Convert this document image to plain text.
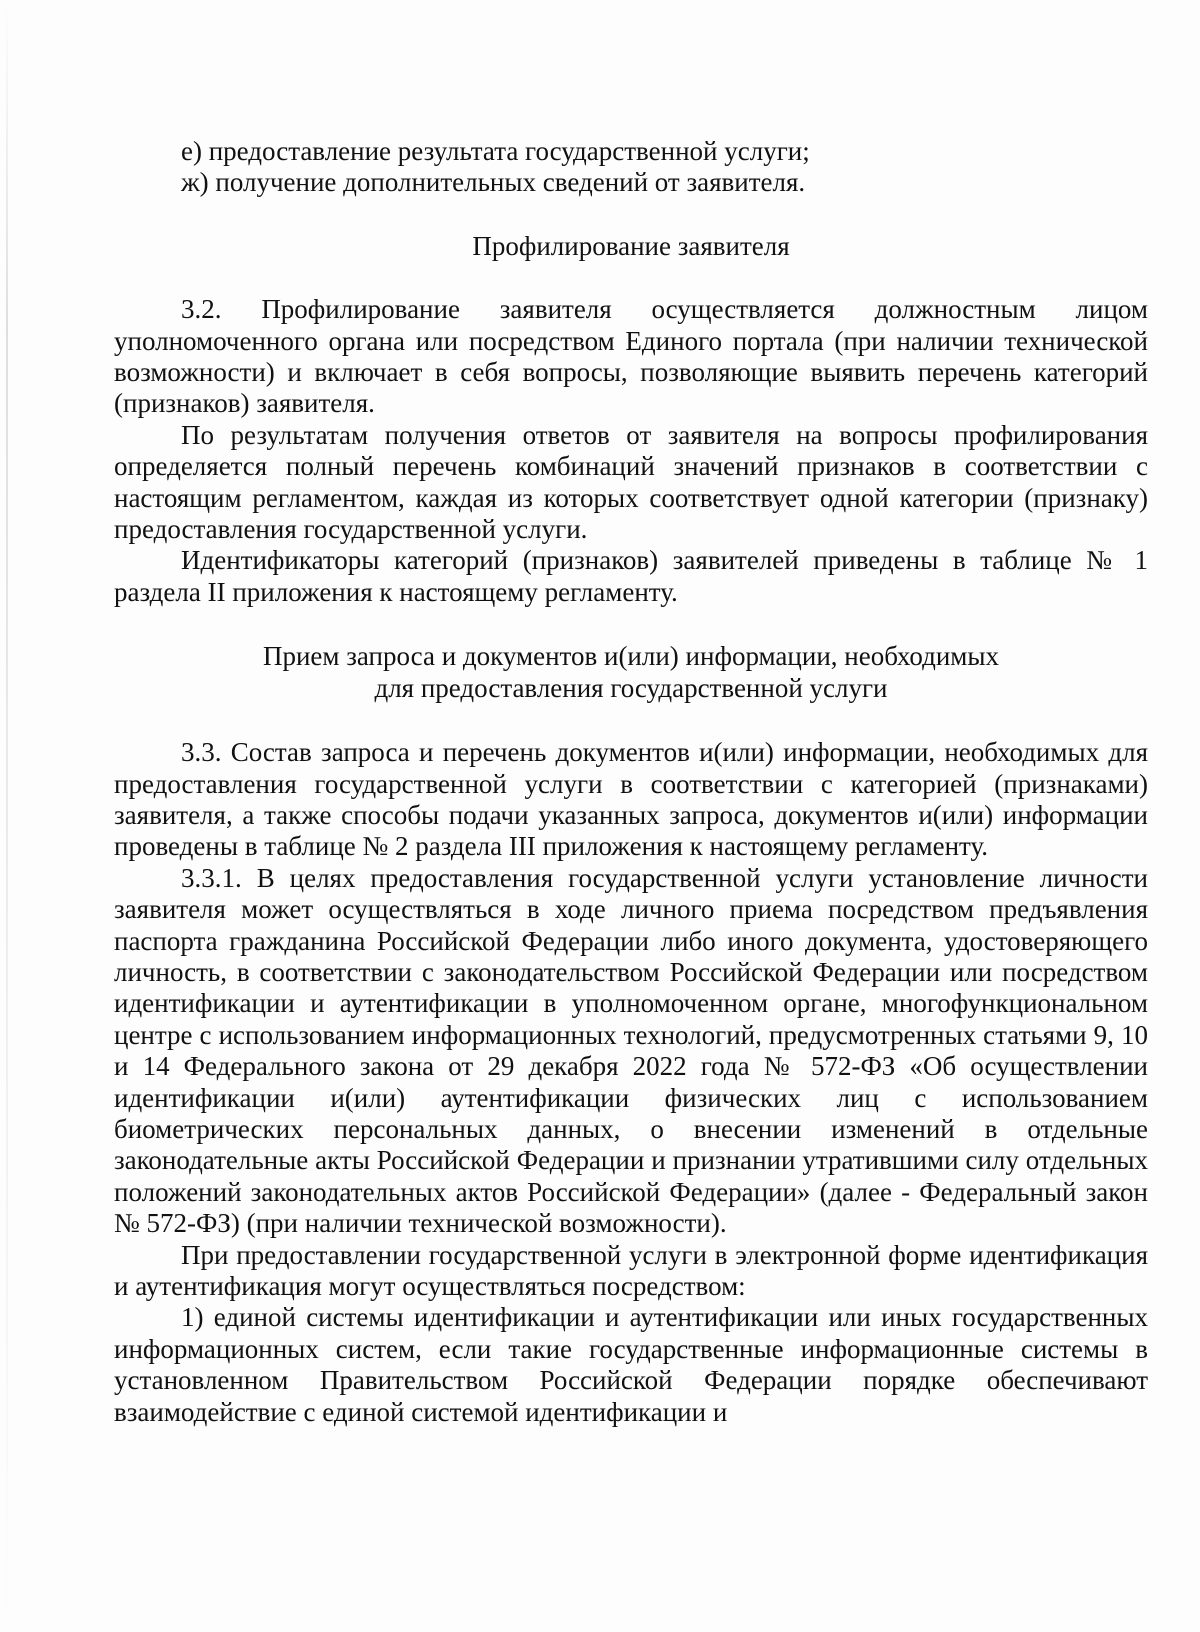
е) предоставление результата государственной услуги;
ж) получение дополнительных сведений от заявителя.

Профилирование заявителя

3.2. Профилирование заявителя осуществляется должностным лицом уполномоченного органа или посредством Единого портала (при наличии технической возможности) и включает в себя вопросы, позволяющие выявить перечень категорий (признаков) заявителя.

По результатам получения ответов от заявителя на вопросы профилирования определяется полный перечень комбинаций значений признаков в соответствии с настоящим регламентом, каждая из которых соответствует одной категории (признаку) предоставления государственной услуги.

Идентификаторы категорий (признаков) заявителей приведены в таблице № 1 раздела II приложения к настоящему регламенту.

Прием запроса и документов и(или) информации, необходимых

для предоставления государственной услуги

3.3. Состав запроса и перечень документов и(или) информации, необходимых для предоставления государственной услуги в соответствии с категорией (признаками) заявителя, а также способы подачи указанных запроса, документов и(или) информации проведены в таблице № 2 раздела III приложения к настоящему регламенту.

3.3.1. В целях предоставления государственной услуги установление личности заявителя может осуществляться в ходе личного приема посредством предъявления паспорта гражданина Российской Федерации либо иного документа, удостоверяющего личность, в соответствии с законодательством Российской Федерации или посредством идентификации и аутентификации в уполномоченном органе, многофункциональном центре с использованием информационных технологий, предусмотренных статьями 9, 10 и 14 Федерального закона от 29 декабря 2022 года № 572-ФЗ «Об осуществлении идентификации и(или) аутентификации физических лиц с использованием биометрических персональных данных, о внесении изменений в отдельные законодательные акты Российской Федерации и признании утратившими силу отдельных положений законодательных актов Российской Федерации» (далее - Федеральный закон № 572-ФЗ) (при наличии технической возможности).

При предоставлении государственной услуги в электронной форме идентификация и аутентификация могут осуществляться посредством:

1) единой системы идентификации и аутентификации или иных государственных информационных систем, если такие государственные информационные системы в установленном Правительством Российской Федерации порядке обеспечивают взаимодействие с единой системой идентификации и
